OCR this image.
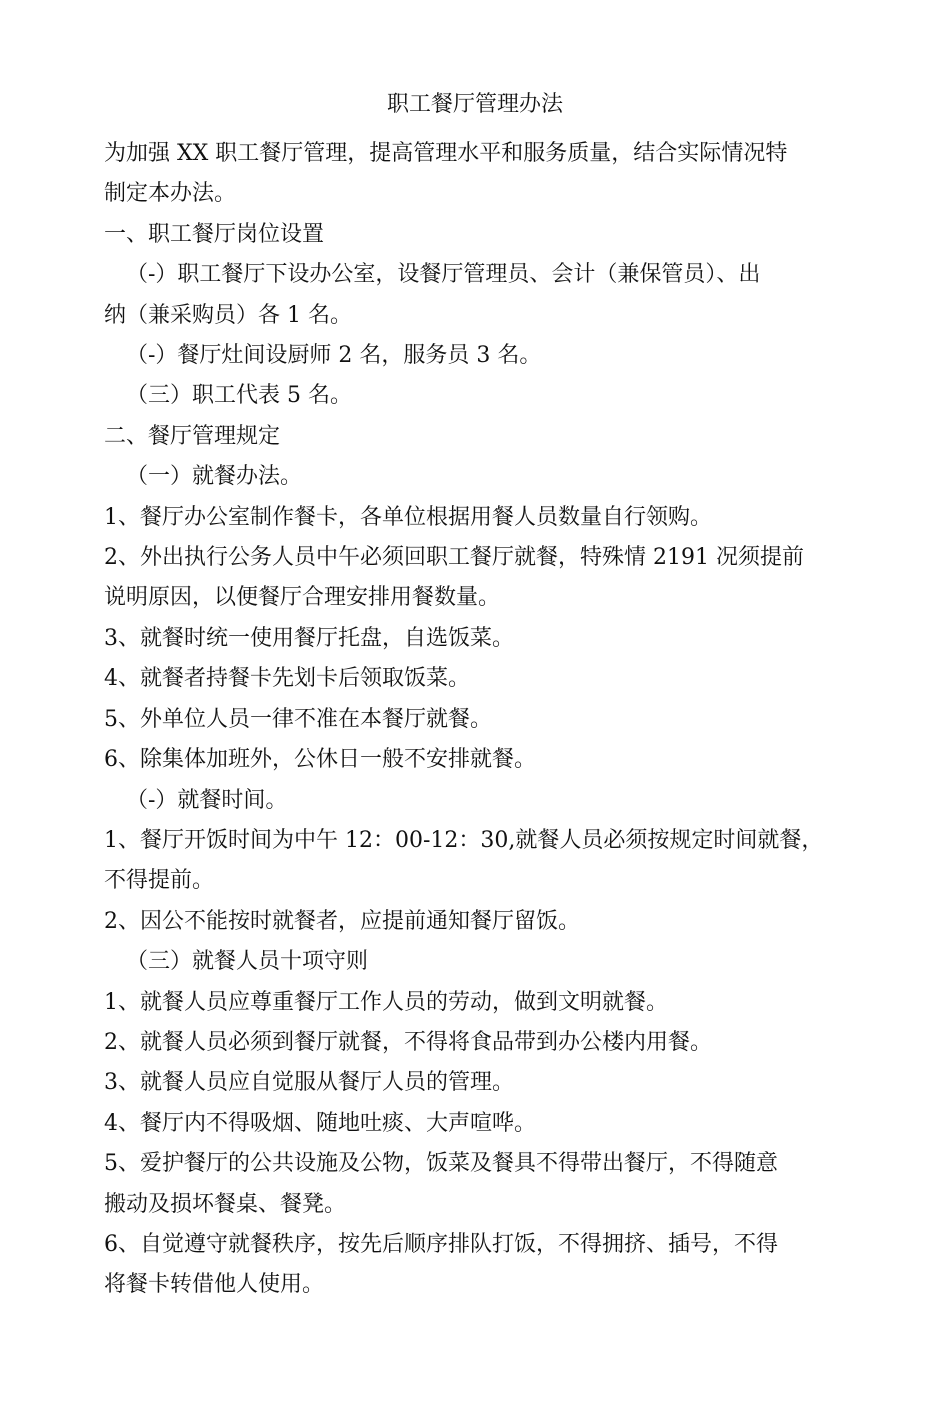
职工餐厅管理办法

为加强 XX 职工餐厅管理，提高管理水平和服务质量，结合实际情况特

制定本办法。

一、职工餐厅岗位设置

（-）职工餐厅下设办公室，设餐厅管理员、会计（兼保管员）、出

纳（兼采购员）各 1 名。

（-）餐厅灶间设厨师 2 名，服务员 3 名。

（三）职工代表 5 名。

二、餐厅管理规定

（一）就餐办法。

1、餐厅办公室制作餐卡，各单位根据用餐人员数量自行领购。

2、外出执行公务人员中午必须回职工餐厅就餐，特殊情 2191 况须提前

说明原因，以便餐厅合理安排用餐数量。

3、就餐时统一使用餐厅托盘，自选饭菜。

4、就餐者持餐卡先划卡后领取饭菜。

5、外单位人员一律不准在本餐厅就餐。

6、除集体加班外，公休日一般不安排就餐。

（-）就餐时间。

1、餐厅开饭时间为中午 12：00-12：30,就餐人员必须按规定时间就餐，

不得提前。

2、因公不能按时就餐者，应提前通知餐厅留饭。

（三）就餐人员十项守则

1、就餐人员应尊重餐厅工作人员的劳动，做到文明就餐。

2、就餐人员必须到餐厅就餐，不得将食品带到办公楼内用餐。

3、就餐人员应自觉服从餐厅人员的管理。

4、餐厅内不得吸烟、随地吐痰、大声喧哗。

5、爱护餐厅的公共设施及公物，饭菜及餐具不得带出餐厅，不得随意

搬动及损坏餐桌、餐凳。

6、自觉遵守就餐秩序，按先后顺序排队打饭，不得拥挤、插号，不得

将餐卡转借他人使用。
